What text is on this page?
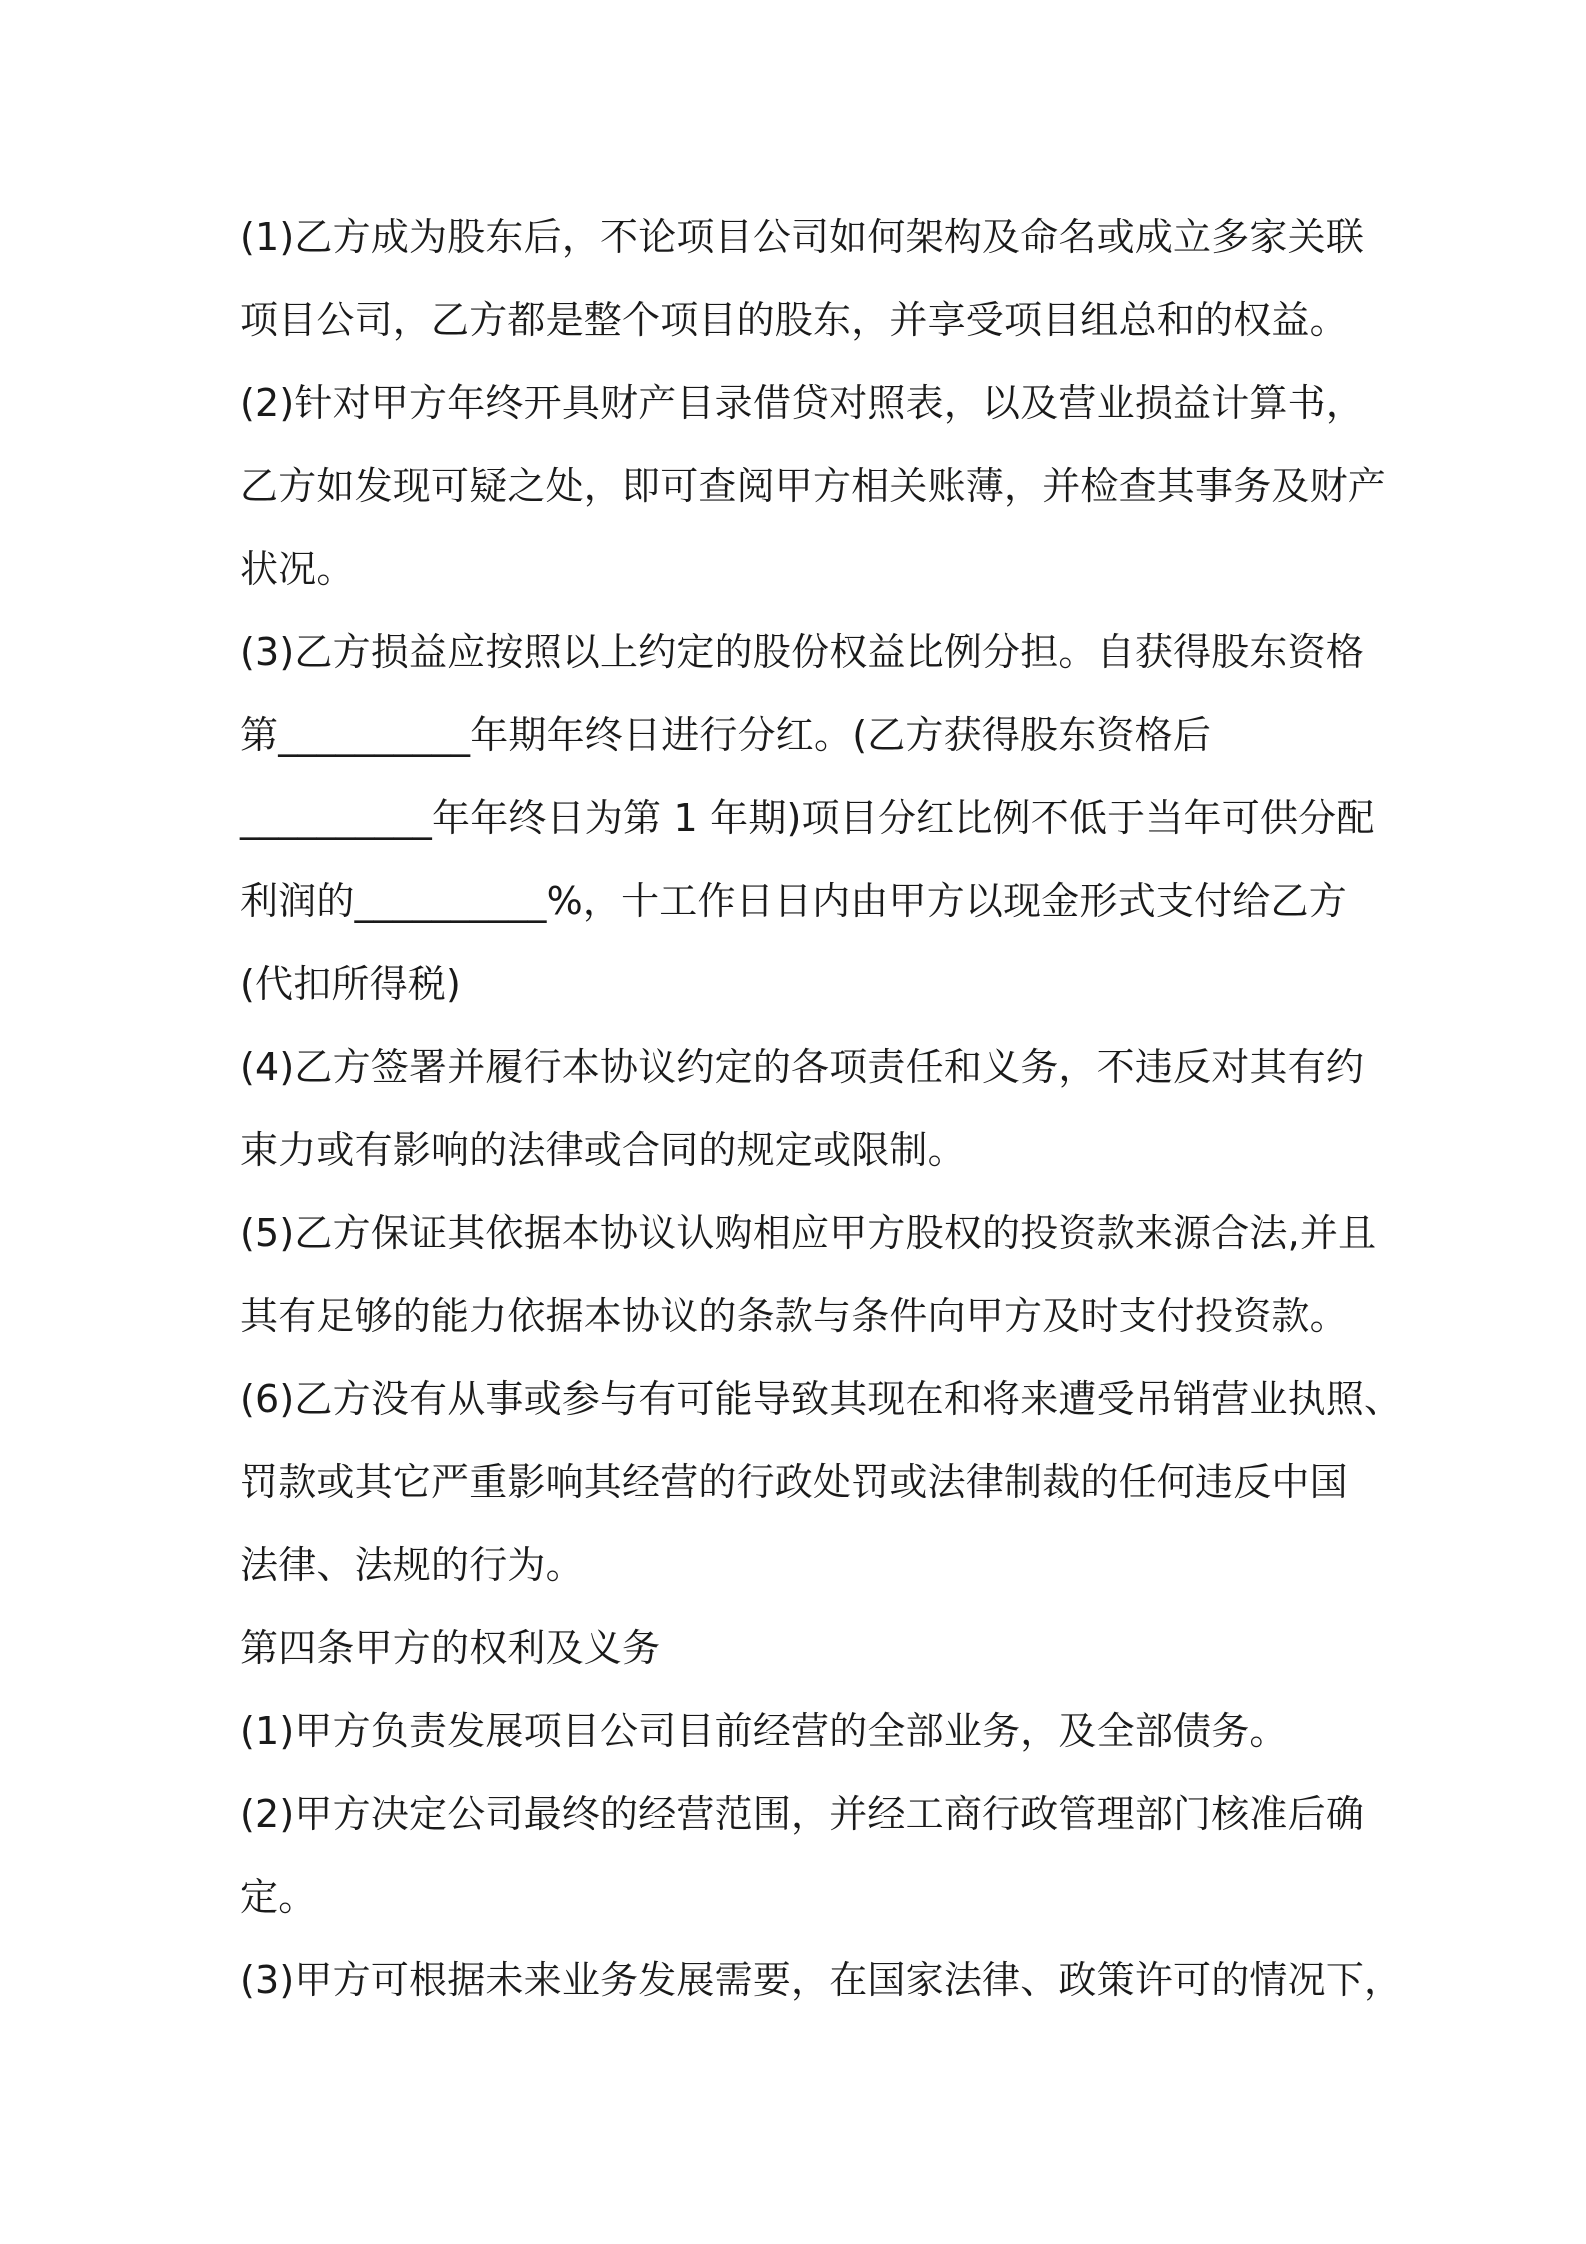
(1)乙方成为股东后，不论项目公司如何架构及命名或成立多家关联
项目公司，乙方都是整个项目的股东，并享受项目组总和的权益。
(2)针对甲方年终开具财产目录借贷对照表，以及营业损益计算书，
乙方如发现可疑之处，即可查阅甲方相关账薄，并检查其事务及财产
状况。
(3)乙方损益应按照以上约定的股份权益比例分担。自获得股东资格
第__________年期年终日进行分红。(乙方获得股东资格后
__________年年终日为第 1 年期)项目分红比例不低于当年可供分配
利润的__________%，十工作日日内由甲方以现金形式支付给乙方
(代扣所得税)
(4)乙方签署并履行本协议约定的各项责任和义务，不违反对其有约
束力或有影响的法律或合同的规定或限制。
(5)乙方保证其依据本协议认购相应甲方股权的投资款来源合法,并且
其有足够的能力依据本协议的条款与条件向甲方及时支付投资款。
(6)乙方没有从事或参与有可能导致其现在和将来遭受吊销营业执照、
罚款或其它严重影响其经营的行政处罚或法律制裁的任何违反中国
法律、法规的行为。
第四条甲方的权利及义务
(1)甲方负责发展项目公司目前经营的全部业务，及全部债务。
(2)甲方决定公司最终的经营范围，并经工商行政管理部门核准后确
定。
(3)甲方可根据未来业务发展需要，在国家法律、政策许可的情况下，
